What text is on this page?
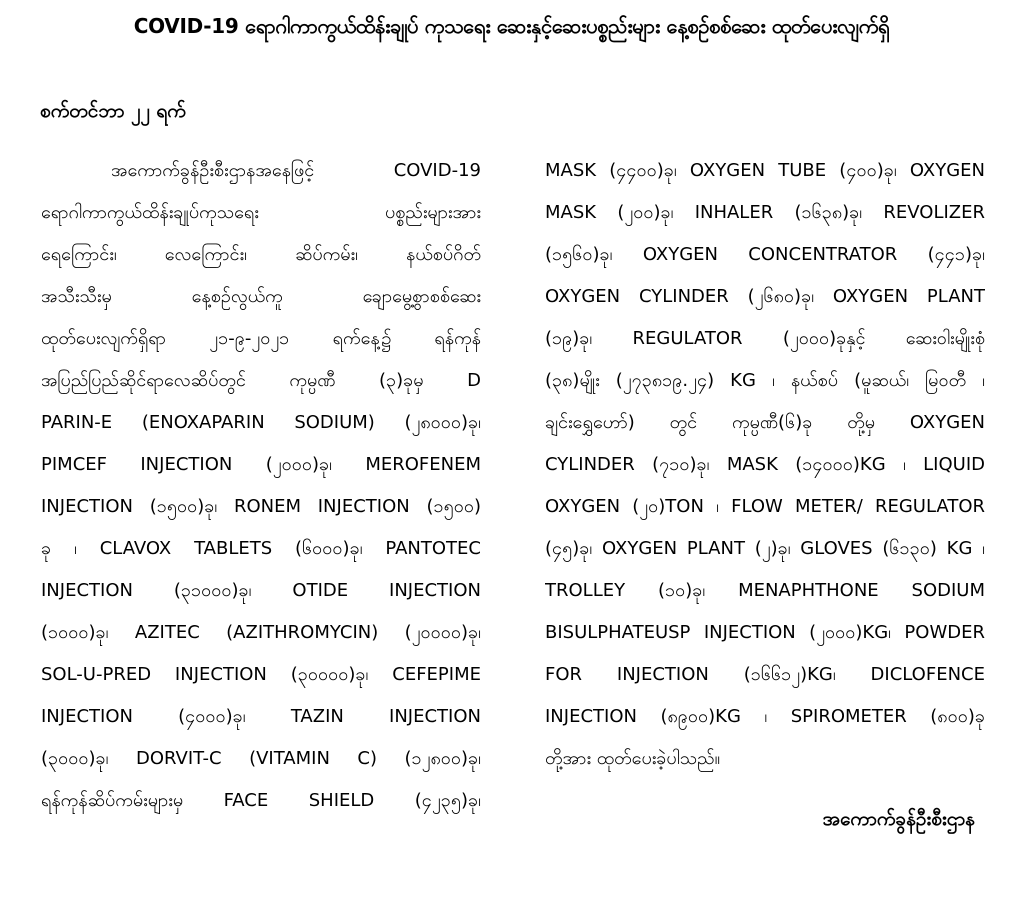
COVID-19 ရောဂါကာကွယ်ထိန်းချုပ် ကုသရေး ဆေးနှင့်ဆေးပစ္စည်းများ နေ့စဉ်စစ်ဆေး ထုတ်ပေးလျက်ရှိ
စက်တင်ဘာ ၂၂ ရက်
အကောက်ခွန်ဦးစီးဌာနအနေဖြင့် COVID-19
ရောဂါကာကွယ်ထိန်းချုပ်ကုသရေး ပစ္စည်းများအား
ရေကြောင်း၊ လေကြောင်း၊ ဆိပ်ကမ်း၊ နယ်စပ်ဂိတ်
အသီးသီးမှ နေ့စဉ်လွယ်ကူ ချောမွေ့စွာစစ်ဆေး
ထုတ်ပေးလျက်ရှိရာ ၂၁-၉-၂၀၂၁ ရက်နေ့၌ ရန်ကုန်
အပြည်ပြည်ဆိုင်ရာလေဆိပ်တွင် ကုမ္ပဏီ (၃)ခုမှ D
PARIN-E (ENOXAPARIN SODIUM) (၂၈၀၀၀)ခု၊
PIMCEF INJECTION (၂၀၀၀)ခု၊ MEROFENEM
INJECTION (၁၅၀၀)ခု၊ RONEM INJECTION (၁၅၀၀)
ခု ၊ CLAVOX TABLETS (၆၀၀၀)ခု၊ PANTOTEC
INJECTION (၃၁၀၀၀)ခု၊ OTIDE INJECTION
(၁၀၀၀)ခု၊ AZITEC (AZITHROMYCIN) (၂၀၀၀၀)ခု၊
SOL-U-PRED INJECTION (၃၀၀၀၀)ခု၊ CEFEPIME
INJECTION (၄၀၀၀)ခု၊ TAZIN INJECTION
(၃၀၀၀)ခု၊ DORVIT-C (VITAMIN C) (၁၂၈၀၀)ခု၊
ရန်ကုန်ဆိပ်ကမ်းများမှ FACE SHIELD (၄၂၃၅)ခု၊
MASK (၄၄၀၀)ခု၊ OXYGEN TUBE (၄၀၀)ခု၊ OXYGEN
MASK (၂၀၀)ခု၊ INHALER (၁၆၃၈)ခု၊ REVOLIZER
(၁၅၆၀)ခု၊ OXYGEN CONCENTRATOR (၄၄၁)ခု၊
OXYGEN CYLINDER (၂၆၈၀)ခု၊ OXYGEN PLANT
(၁၉)ခု၊ REGULATOR (၂၀၀၀)ခုနှင့် ဆေးဝါးမျိုးစုံ
(၃၈)မျိုး (၂၇၃၈၁၉.၂၄) KG ၊ နယ်စပ် (မူဆယ်၊ မြဝတီ ၊
ချင်းရွှေဟော်) တွင် ကုမ္ပဏီ(၆)ခု တို့မှ OXYGEN
CYLINDER (၇၁၀)ခု၊ MASK (၁၄၀၀၀)KG ၊ LIQUID
OXYGEN (၂၀)TON ၊ FLOW METER/ REGULATOR
(၄၅)ခု၊ OXYGEN PLANT (၂)ခု၊ GLOVES (၆၁၃၀) KG ၊
TROLLEY (၁၀)ခု၊ MENAPHTHONE SODIUM
BISULPHATEUSP INJECTION (၂၀၀၀)KG၊ POWDER
FOR INJECTION (၁၆၆၁၂)KG၊ DICLOFENCE
INJECTION (၈၉၀၀)KG ၊ SPIROMETER (၈၀၀)ခု
တို့အား ထုတ်ပေးခဲ့ပါသည်။
အကောက်ခွန်ဦးစီးဌာန
